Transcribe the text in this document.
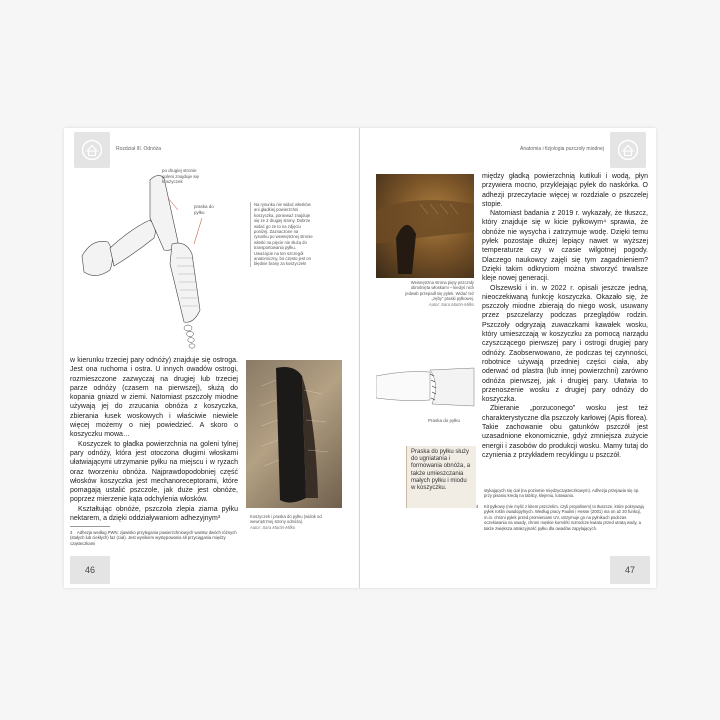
Rozdział III. Odnóża
po drugiej stronie goleni znajduje się koszyczek
praska do pyłku
Na rysunku nie widać włosków ani gładkiej powierzchni koszyczka, ponieważ znajduje się ze 2 drugiej strony. Dobrze widać go ze to na zdjęciu poniżej. Zaznaczone na rysunku po wewnętrznej stronie włoski na pięcie nie służą do transportowania pyłku. Uważajcie na ten szczegół anatomiczny, bo często jest on błędnie brany za koszyczek!

w kierunku trzeciej pary odnóży) znajduje się ostroga. Jest ona ruchoma i ostra. U innych owadów ostrogi, rozmieszczone zazwyczaj na drugiej lub trzeciej parze odnóży (czasem na pierwszej), służą do kopania gniazd w ziemi. Natomiast pszczoły miodne używają jej do zrzucania obnóża z koszyczka, zbierania łusek woskowych i właściwie niewiele więcej możemy o niej powiedzieć. A skoro o koszyczku mowa…

Koszyczek to gładka powierzchnia na goleni tylnej pary odnóży, która jest otoczona długimi włoskami ułatwiającymi utrzymanie pyłku na miejscu i w ryzach oraz tworzeniu obnóża. Najprawdopodobniej część włosków koszyczka jest mechanoreceptorami, które pomagają ustalić pszczole, jak duże jest obnóże, poprzez mierzenie kąta odchylenia włosków.

Kształtując obnóże, pszczoła zlepia ziarna pyłku nektarem, a dzięki oddziaływaniom adhezyjnym³	Koszyczek i praska do pyłku (widok od wewnętrznej strony odnóża).
Autor: Sara Martin-Milko
3	Adhezja według PWN: zjawisko przylegania powierzchniowych warstw dwóch różnych (stałych lub ciekłych) faz (ciał). Jest wynikiem występowania sił przyciągania między cząsteczkami
46
Anatomia i fizjologia pszczoły miodnej
Wewnętrzna strona pięty pszczoły obrośnięta włoskami – kiedyś nich jedwab przepadł się pyłek. Widać też „zęby” praski pyłkowej.
Autor: Sara Martin-Milko

między gładką powierzchnią kutikuli i wodą, płyn przywiera mocno, przyklejając pyłek do naskórka. O adhezji przeczytacie więcej w rozdziale o pszczelej stopie.

Natomiast badania z 2019 r. wykazały, że tłuszcz, który znajduje się w kicie pyłkowym⁴ sprawia, że obnóże nie wysycha i zatrzymuje wodę. Dzięki temu pyłek pozostaje dłużej lepiący nawet w wyższej temperaturze czy w czasie wilgotnej pogody. Dlaczego naukowcy zajęli się tym zagadnieniem? Dzięki takim odkryciom można stworzyć trwalsze kleje nowej generacji.

Olszewski i in. w 2022 r. opisali jeszcze jedną, nieoczekiwaną funkcję koszyczka. Okazało się, że pszczoły miodne zbierają do niego wosk, usuwany przez pszczelarzy podczas przeglądów rodzin. Pszczoły odgryzają zuwaczkami kawałek wosku, który umieszczają w koszyczku za pomocą narządu czyszczącego pierwszej pary i ostrogi drugiej pary odnóży. Zaobserwowano, że podczas tej czynności, robotnice używają przedniej części ciała, aby oderwać od plastra (lub innej powierzchni) zarówno odnóża pierwszej, jak i drugiej pary. Ułatwia to przenoszenie wosku z drugiej pary odnóży do koszyczka.

Zbieranie „porzuconego” wosku jest też charakterystyczne dla pszczoły karłowej (Apis florea). Takie zachowanie obu gatunków pszczół jest uzasadnione ekonomicznie, gdyż zmniejsza zużycie energii i zasobów do produkcji wosku. Mamy tutaj do czynienia z przykładem recyklingu u pszczół.

Praska do pyłku
Praska do pyłku służy do ugniatania i formowania obnóża, a także umieszczania małych pyłku i miodu w koszyczku.	stykających się ciał (na poziomie międzycząsteczkowym). Adhezja przejawia się np. przy pisaniu kredą na tablicy, klejeniu, lutowaniu.
4	Kit pyłkowy (nie mylić z kitem pszczelim, czyli propolisem) to tłuszcze, które pokrywają pyłek roślin owadopylnych. Według pracy Paulini i Hesse (2001) ma on aż 20 funkcji, m.in. chroni pyłek przed promieniami UV, utrzymuje go na pyłnikach podczas oczekiwania na owady, chroni męskie komórki rozrodcze kwiatu przed utratą wody, a także zwiększa atrakcyjność pyłku dla owadów zapylających.
47
